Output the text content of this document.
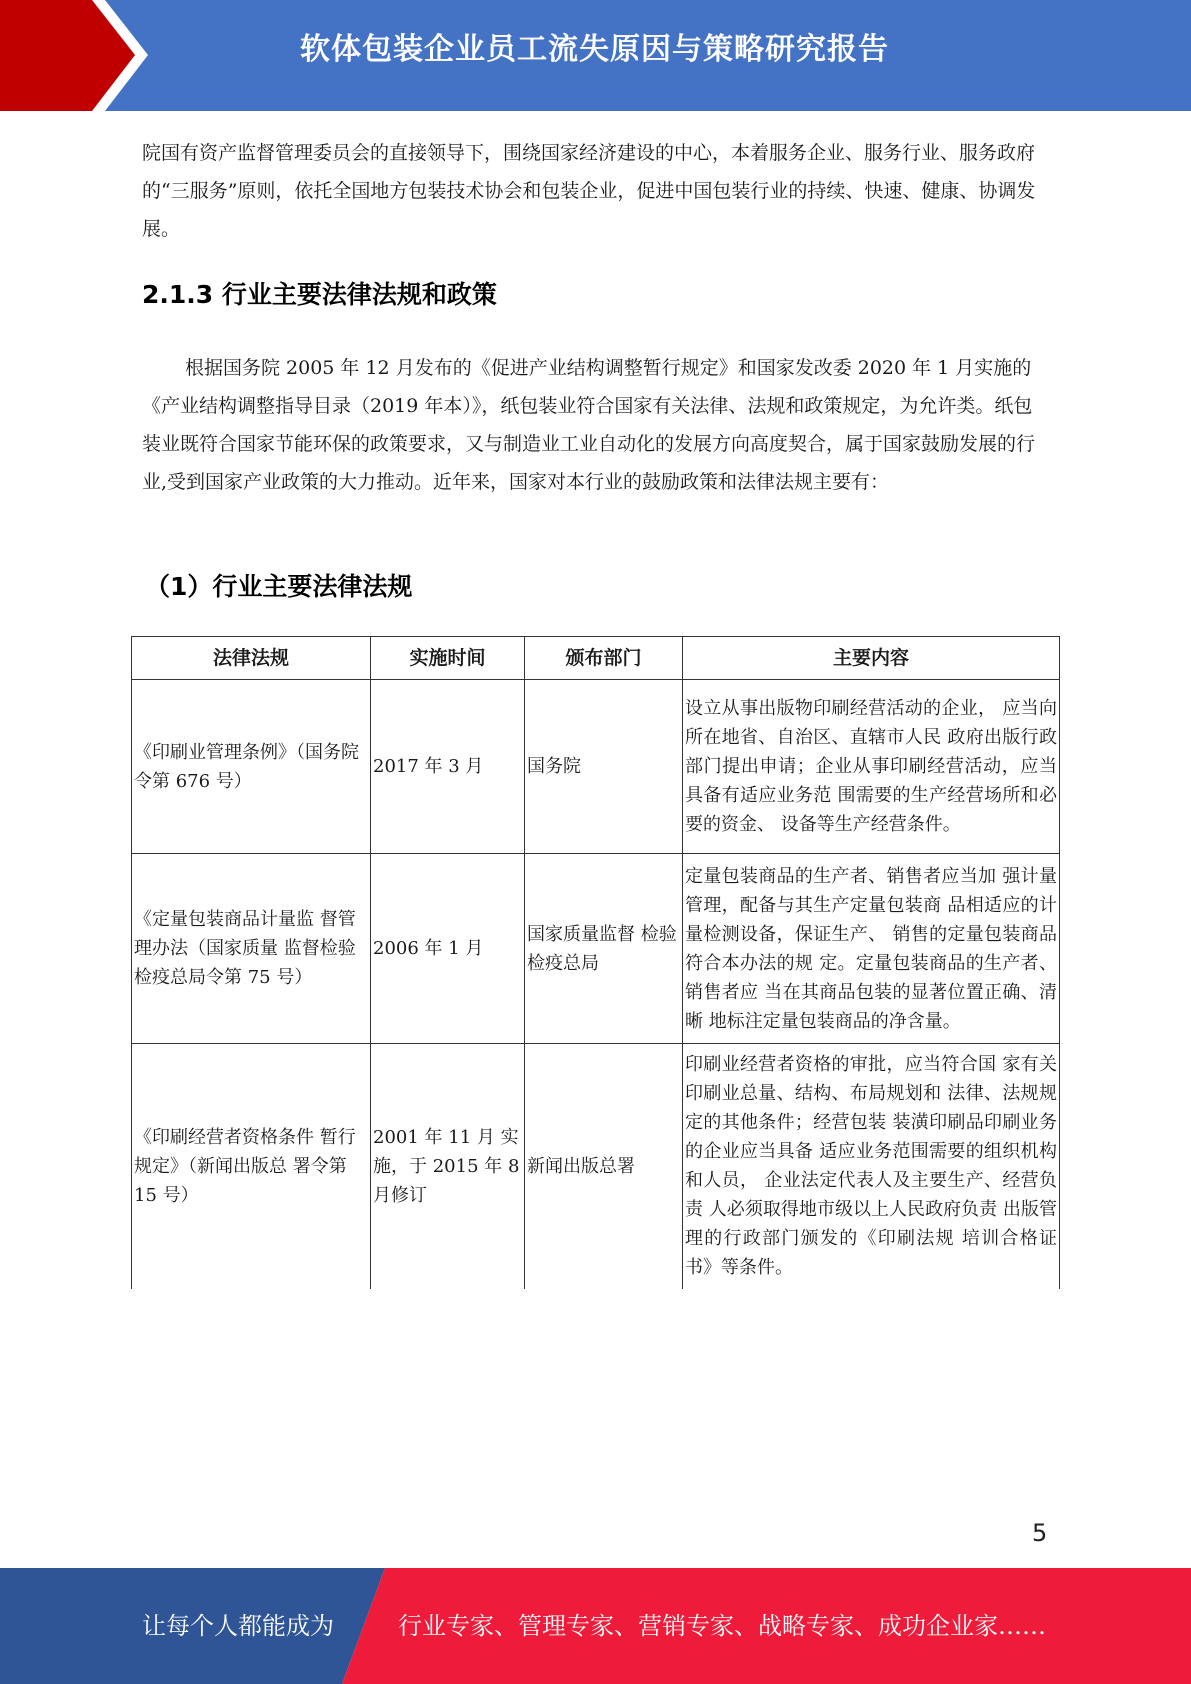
软体包装企业员工流失原因与策略研究报告

院国有资产监督管理委员会的直接领导下，围绕国家经济建设的中心，本着服务企业、服务行业、服务政府的“三服务”原则，依托全国地方包装技术协会和包装企业，促进中国包装行业的持续、快速、健康、协调发展。

2.1.3 行业主要法律法规和政策

根据国务院 2005 年 12 月发布的《促进产业结构调整暂行规定》和国家发改委 2020 年 1 月实施的《产业结构调整指导目录（2019 年本）》，纸包装业符合国家有关法律、法规和政策规定，为允许类。纸包装业既符合国家节能环保的政策要求，又与制造业工业自动化的发展方向高度契合，属于国家鼓励发展的行业,受到国家产业政策的大力推动。近年来，国家对本行业的鼓励政策和法律法规主要有：

（1）行业主要法律法规
法律法规	实施时间	颁布部门	主要内容
《印刷业管理条例》（国务院令第 676 号）	2017 年 3 月	国务院	设立从事出版物印刷经营活动的企业， 应当向所在地省、自治区、直辖市人民 政府出版行政部门提出申请；企业从事印刷经营活动，应当具备有适应业务范 围需要的生产经营场所和必要的资金、 设备等生产经营条件。
《定量包装商品计量监 督管理办法（国家质量 监督检验检疫总局令第 75 号）	2006 年 1 月	国家质量监督 检验检疫总局	定量包装商品的生产者、销售者应当加 强计量管理，配备与其生产定量包装商 品相适应的计量检测设备，保证生产、 销售的定量包装商品符合本办法的规 定。定量包装商品的生产者、销售者应 当在其商品包装的显著位置正确、清晰 地标注定量包装商品的净含量。
《印刷经营者资格条件 暂行规定》（新闻出版总 署令第 15 号）	2001 年 11 月 实施，于 2015 年 8 月修订	新闻出版总署	印刷业经营者资格的审批，应当符合国 家有关印刷业总量、结构、布局规划和 法律、法规规定的其他条件；经营包装 装潢印刷品印刷业务的企业应当具备 适应业务范围需要的组织机构和人员， 企业法定代表人及主要生产、经营负责 人必须取得地市级以上人民政府负责 出版管理的行政部门颁发的《印刷法规 培训合格证书》等条件。
5
让每个人都能成为	行业专家、管理专家、营销专家、战略专家、成功企业家……
